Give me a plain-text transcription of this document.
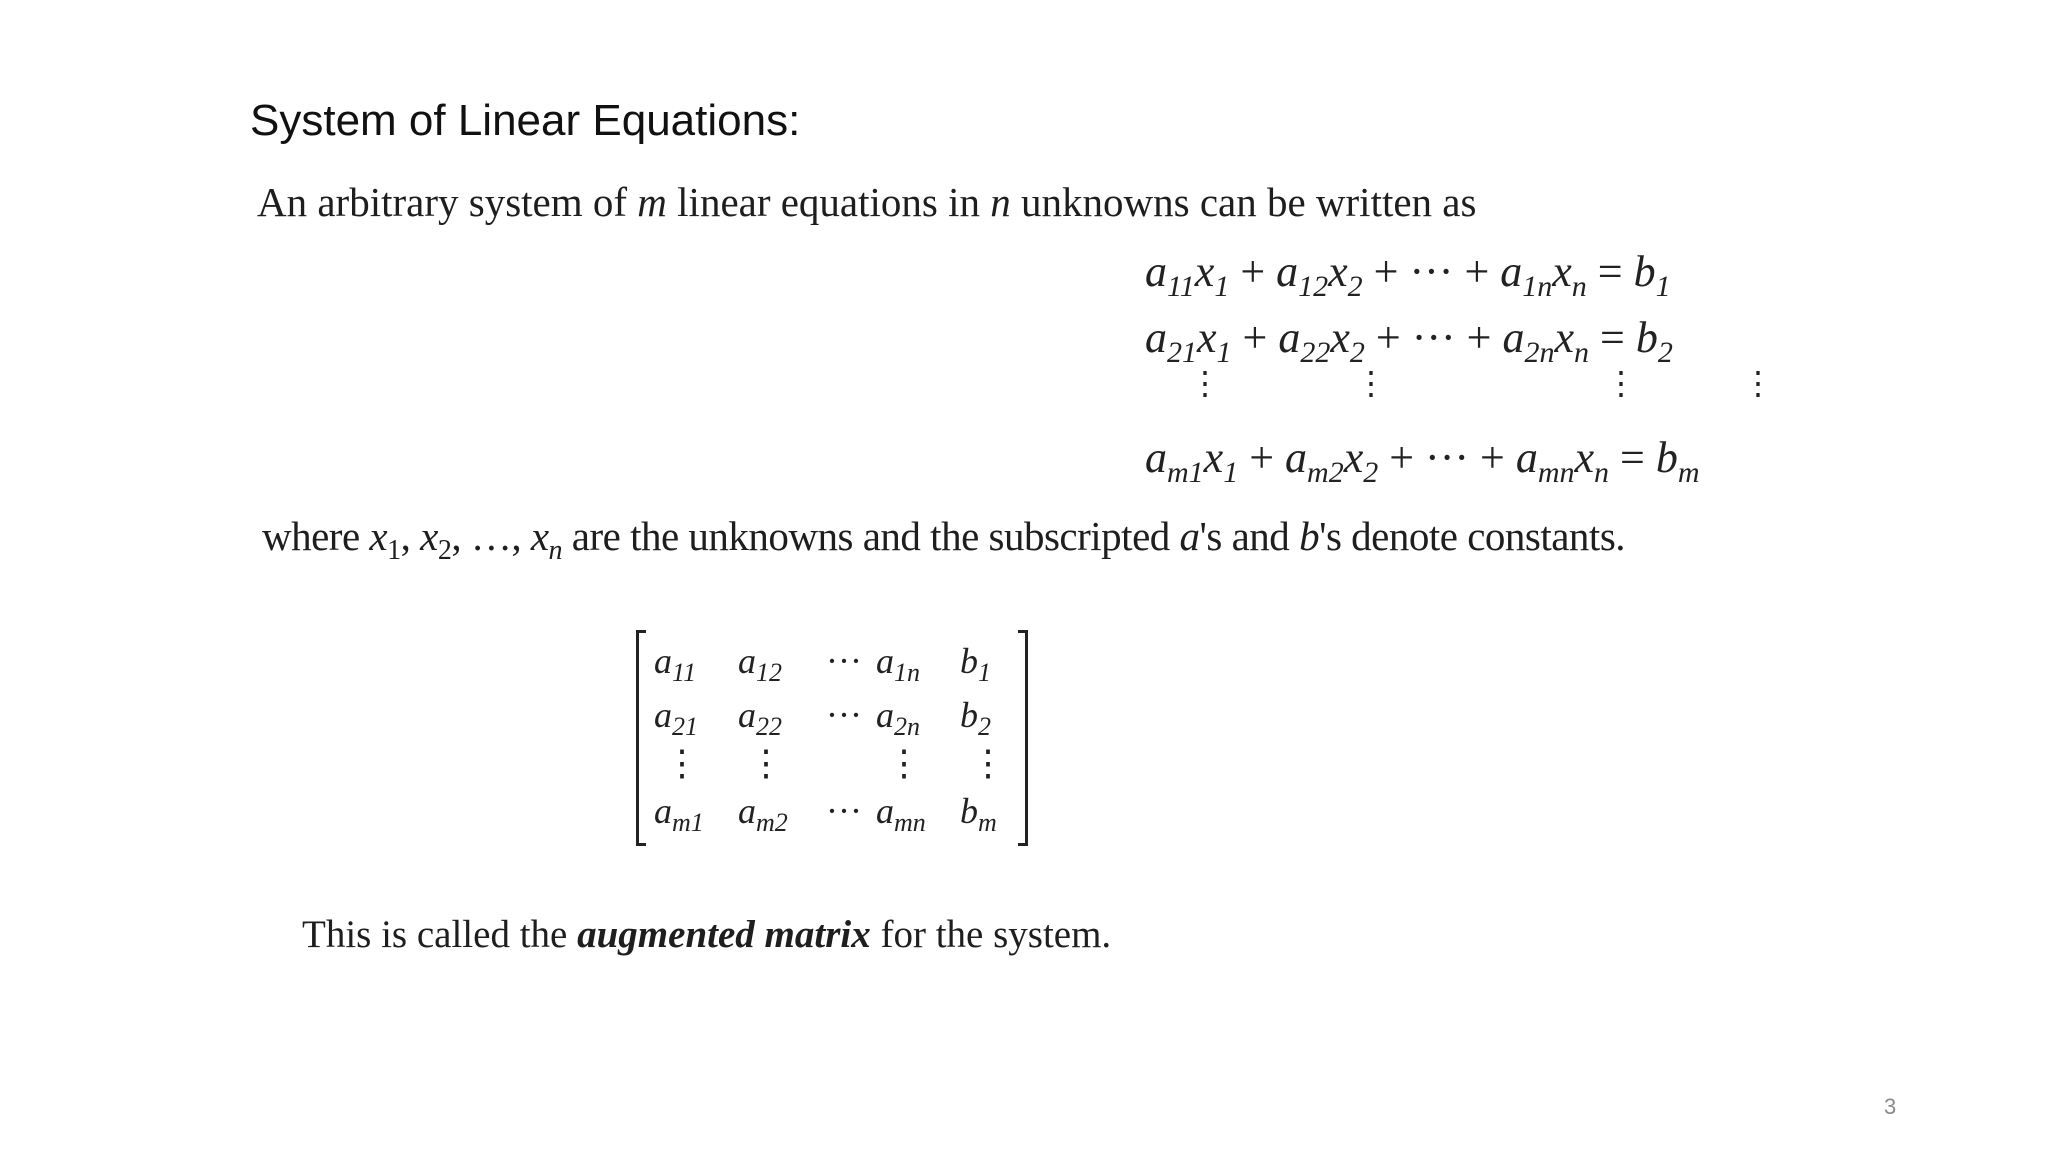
System of Linear Equations:
An arbitrary system of m linear equations in n unknowns can be written as
$a_{11}x_1 + a_{12}x_2$ + ··· + $a_{1n}x_n = b_1$
$a_{21}x_1 + a_{22}x_2$ + ··· + $a_{2n}x_n = b_2$
⋮	⋮	⋮	⋮
$a_{m1}x_1 + a_{m2}x_2$ + ··· + $a_{mn}x_n = b_m$
where $x_1$, $x_2$, …, $x_n$ are the unknowns and the subscripted a's and b's denote constants.
$a_{11}$ $a_{12}$ ··· $a_{1n}$ $b_1$
$a_{21}$ $a_{22}$ ··· $a_{2n}$ $b_2$
⋮ ⋮	⋮ ⋮
$a_{m1}$ $a_{m2}$ ··· $a_{mn}$ $b_m$
This is called the augmented matrix for the system.
3
